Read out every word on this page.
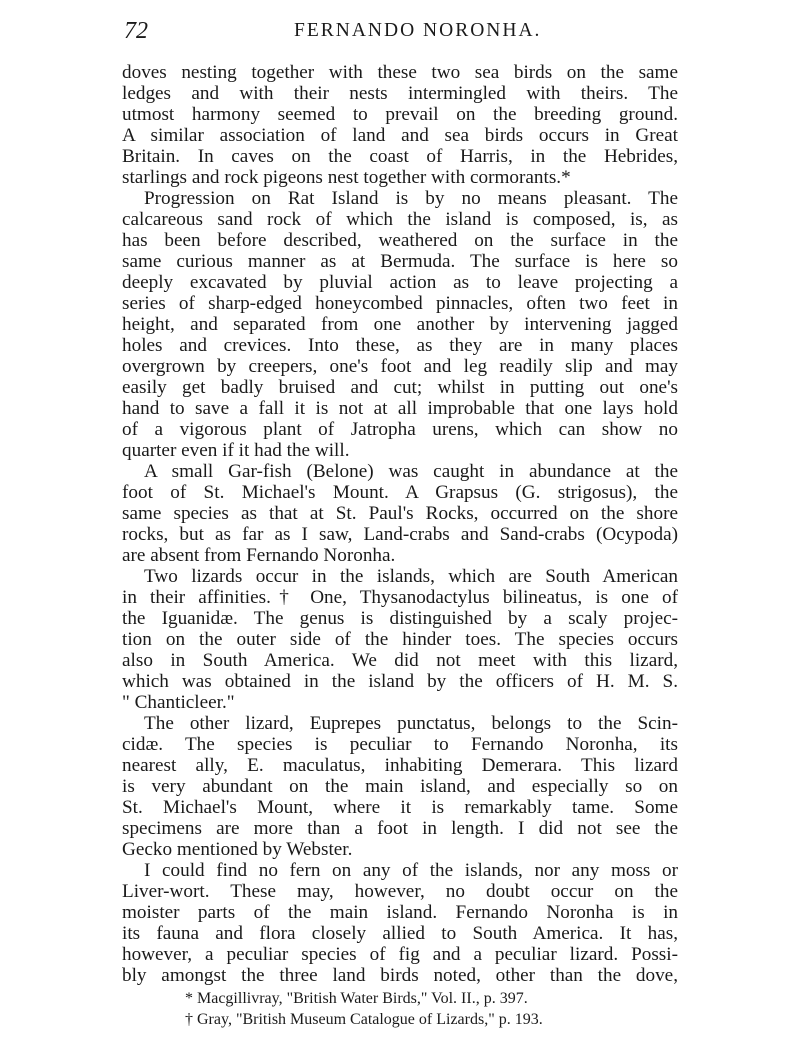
72	FERNANDO NORONHA.
doves nesting together with these two sea birds on the same
ledges and with their nests intermingled with theirs. The
utmost harmony seemed to prevail on the breeding ground.
A similar association of land and sea birds occurs in Great
Britain. In caves on the coast of Harris, in the Hebrides,
starlings and rock pigeons nest together with cormorants.*
Progression on Rat Island is by no means pleasant. The
calcareous sand rock of which the island is composed, is, as
has been before described, weathered on the surface in the
same curious manner as at Bermuda. The surface is here so
deeply excavated by pluvial action as to leave projecting a
series of sharp-edged honeycombed pinnacles, often two feet in
height, and separated from one another by intervening jagged
holes and crevices. Into these, as they are in many places
overgrown by creepers, one's foot and leg readily slip and may
easily get badly bruised and cut; whilst in putting out one's
hand to save a fall it is not at all improbable that one lays hold
of a vigorous plant of Jatropha urens, which can show no
quarter even if it had the will.
A small Gar-fish (Belone) was caught in abundance at the
foot of St. Michael's Mount. A Grapsus (G. strigosus), the
same species as that at St. Paul's Rocks, occurred on the shore
rocks, but as far as I saw, Land-crabs and Sand-crabs (Ocypoda)
are absent from Fernando Noronha.
Two lizards occur in the islands, which are South American
in their affinities.† One, Thysanodactylus bilineatus, is one of
the Iguanidæ. The genus is distinguished by a scaly projec-
tion on the outer side of the hinder toes. The species occurs
also in South America. We did not meet with this lizard,
which was obtained in the island by the officers of H. M. S.
" Chanticleer."
The other lizard, Euprepes punctatus, belongs to the Scin-
cidæ. The species is peculiar to Fernando Noronha, its
nearest ally, E. maculatus, inhabiting Demerara. This lizard
is very abundant on the main island, and especially so on
St. Michael's Mount, where it is remarkably tame. Some
specimens are more than a foot in length. I did not see the
Gecko mentioned by Webster.
I could find no fern on any of the islands, nor any moss or
Liver-wort. These may, however, no doubt occur on the
moister parts of the main island. Fernando Noronha is in
its fauna and flora closely allied to South America. It has,
however, a peculiar species of fig and a peculiar lizard. Possi-
bly amongst the three land birds noted, other than the dove,
* Macgillivray, "British Water Birds," Vol. II., p. 397.
† Gray, "British Museum Catalogue of Lizards," p. 193.
